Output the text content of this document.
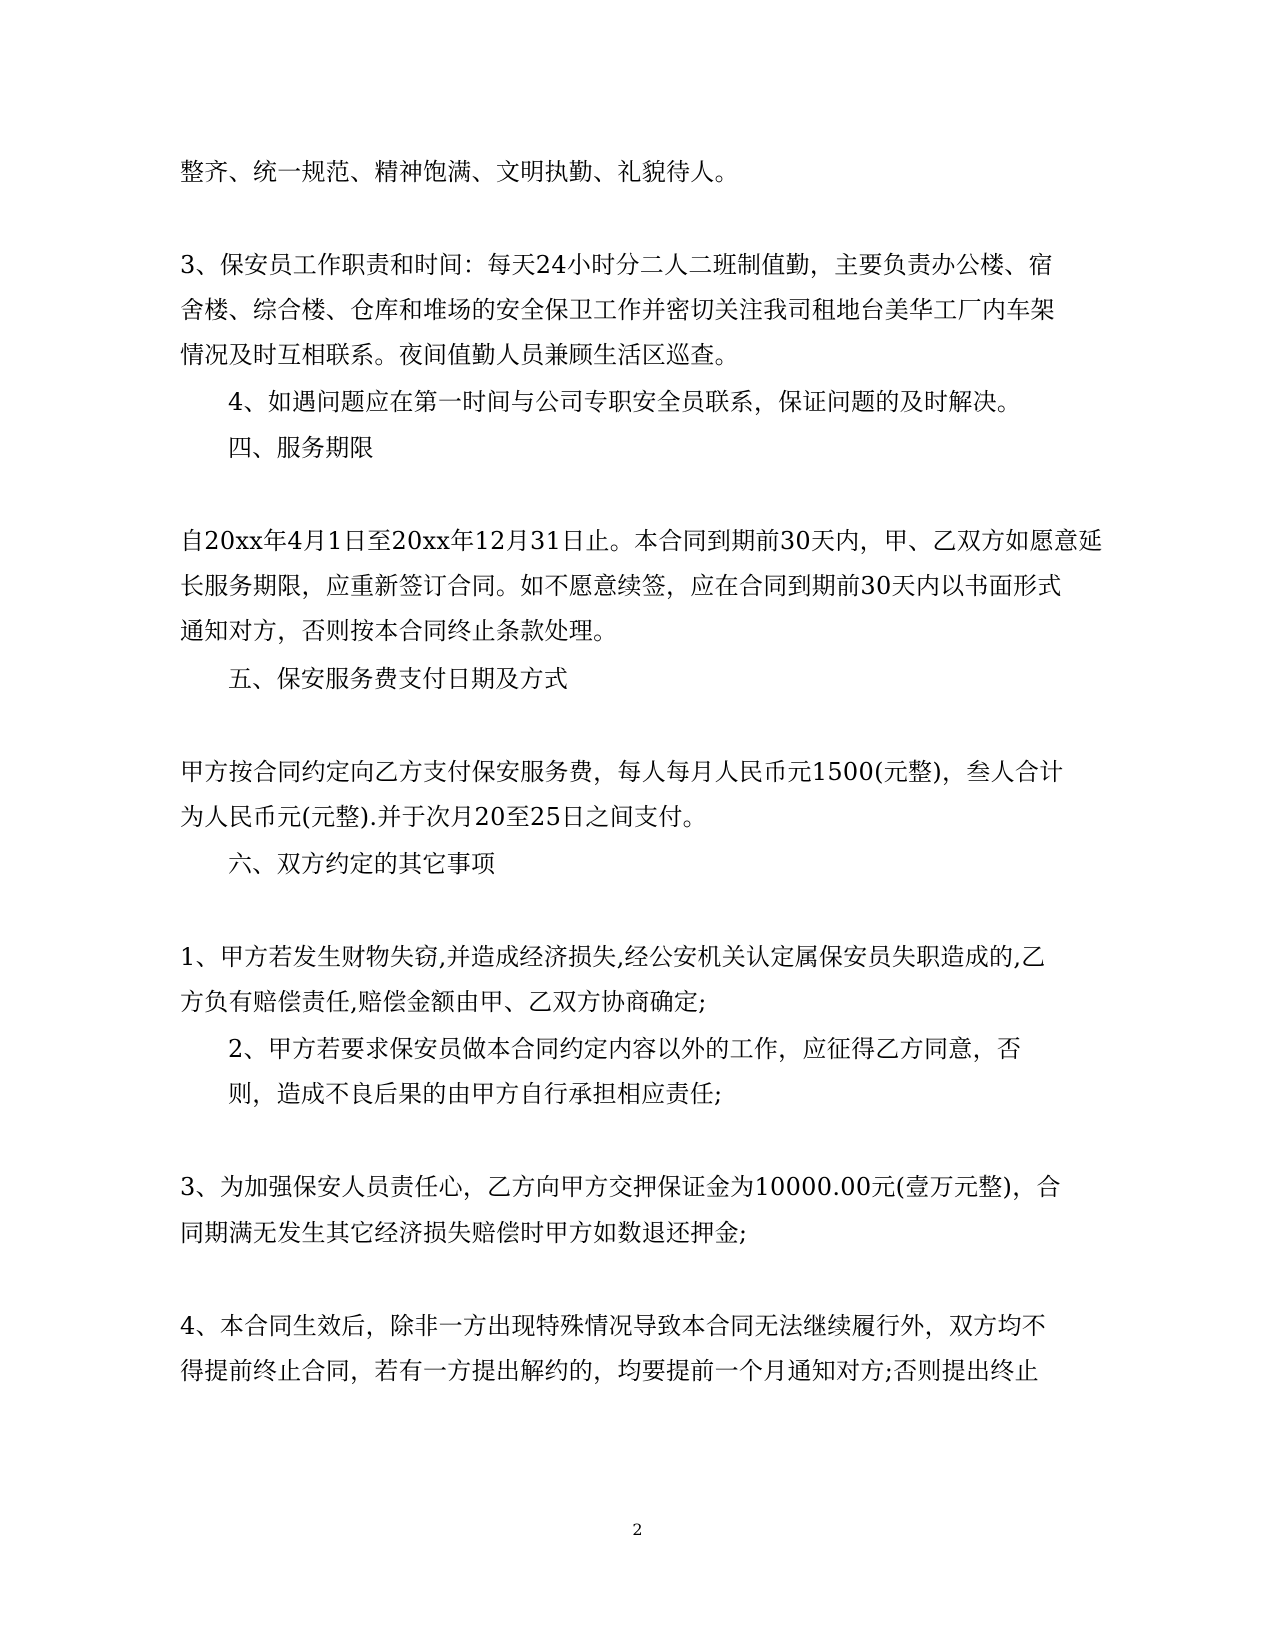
整齐、统一规范、精神饱满、文明执勤、礼貌待人。
3、保安员工作职责和时间：每天24小时分二人二班制值勤，主要负责办公楼、宿
舍楼、综合楼、仓库和堆场的安全保卫工作并密切关注我司租地台美华工厂内车架
情况及时互相联系。夜间值勤人员兼顾生活区巡查。
4、如遇问题应在第一时间与公司专职安全员联系，保证问题的及时解决。
四、服务期限
自20xx年4月1日至20xx年12月31日止。本合同到期前30天内，甲、乙双方如愿意延
长服务期限，应重新签订合同。如不愿意续签，应在合同到期前30天内以书面形式
通知对方，否则按本合同终止条款处理。
五、保安服务费支付日期及方式
甲方按合同约定向乙方支付保安服务费，每人每月人民币元1500(元整)，叁人合计
为人民币元(元整).并于次月20至25日之间支付。
六、双方约定的其它事项
1、甲方若发生财物失窃,并造成经济损失,经公安机关认定属保安员失职造成的,乙
方负有赔偿责任,赔偿金额由甲、乙双方协商确定;
2、甲方若要求保安员做本合同约定内容以外的工作，应征得乙方同意，否
则，造成不良后果的由甲方自行承担相应责任;
3、为加强保安人员责任心，乙方向甲方交押保证金为10000.00元(壹万元整)，合
同期满无发生其它经济损失赔偿时甲方如数退还押金;
4、本合同生效后，除非一方出现特殊情况导致本合同无法继续履行外，双方均不
得提前终止合同，若有一方提出解约的，均要提前一个月通知对方;否则提出终止
2
